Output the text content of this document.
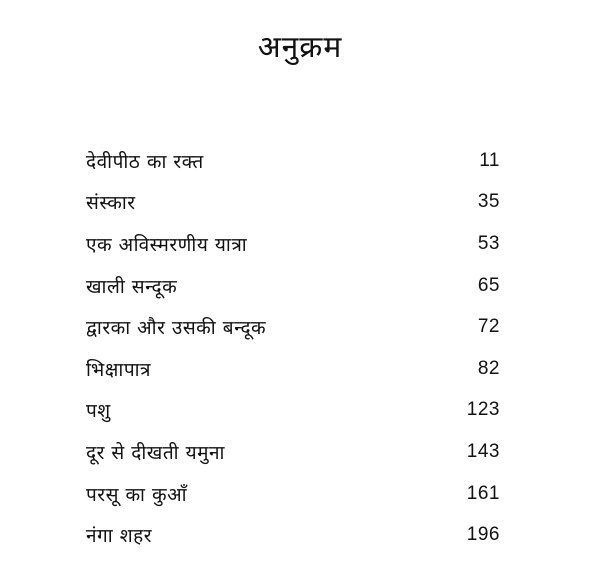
अनुक्रम
देवीपीठ का रक्त	11
संस्कार	35
एक अविस्मरणीय यात्रा	53
खाली सन्दूक	65
द्वारका और उसकी बन्दूक	72
भिक्षापात्र	82
पशु	123
दूर से दीखती यमुना	143
परसू का कुआँ	161
नंगा शहर	196
